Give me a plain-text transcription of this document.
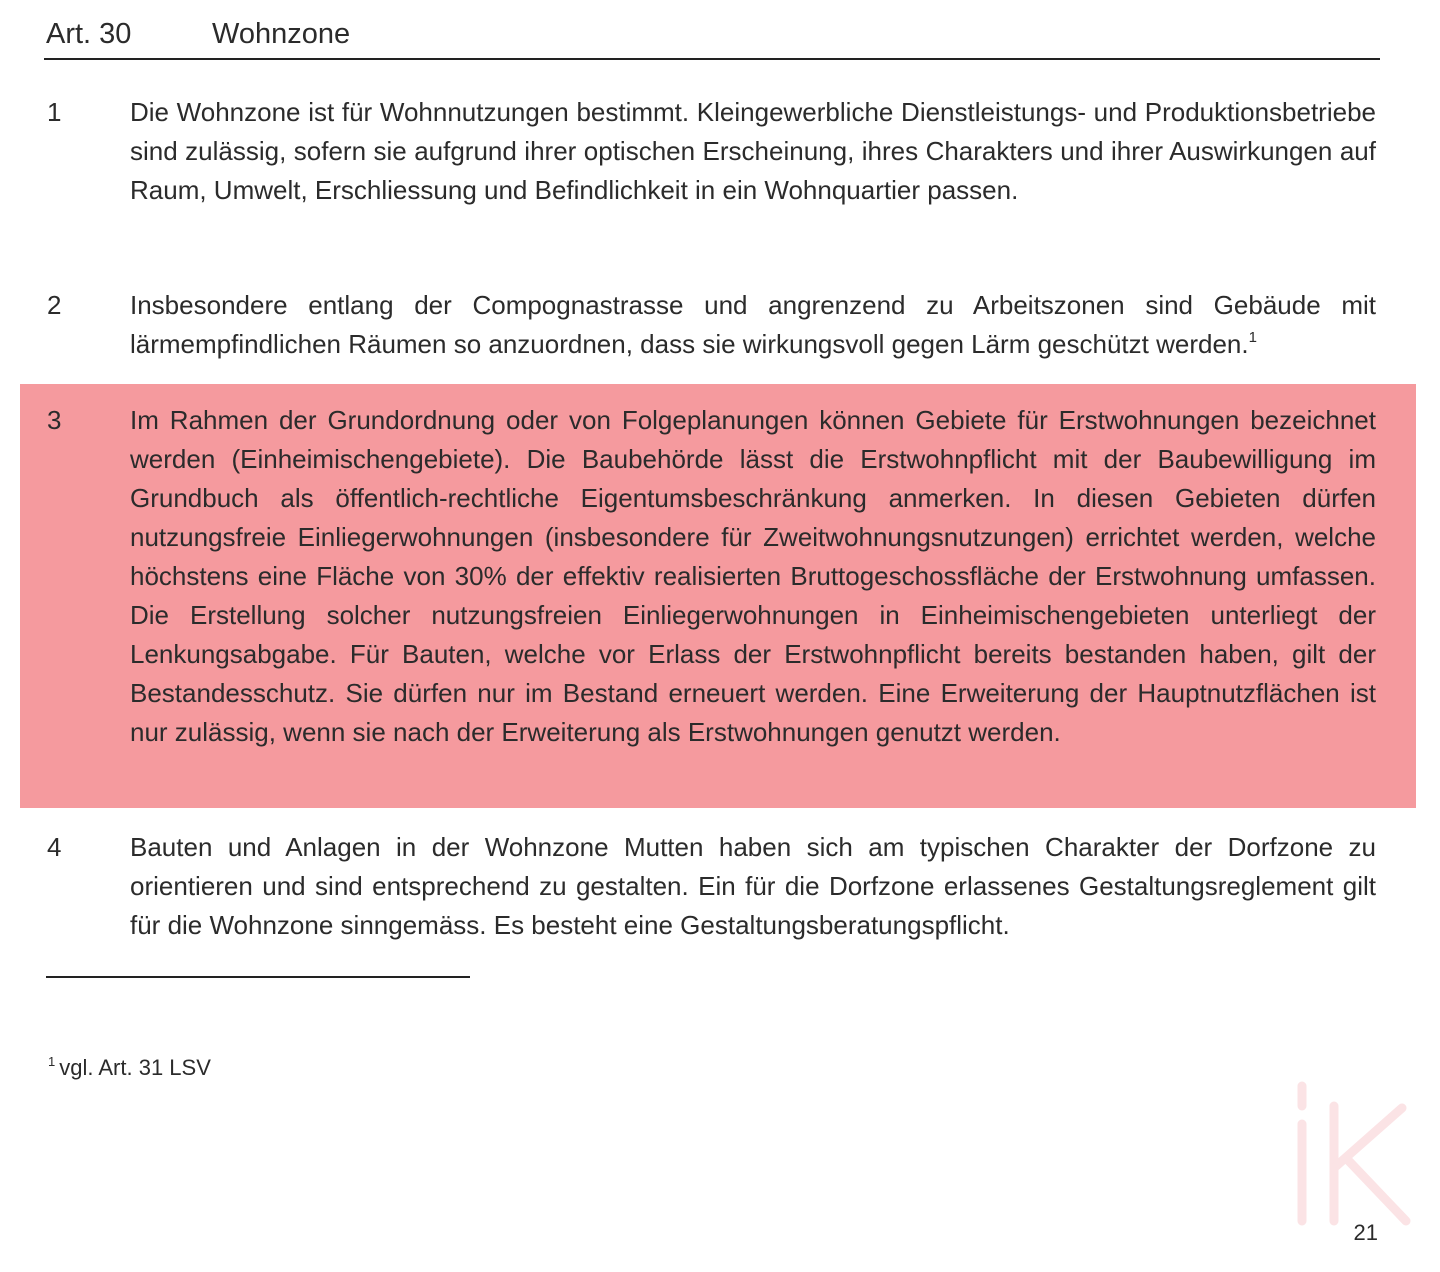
Art. 30	Wohnzone
1	Die Wohnzone ist für Wohnnutzungen bestimmt. Kleingewerbliche Dienstleistungs- und Produktionsbetriebe sind zulässig, sofern sie aufgrund ihrer optischen Erscheinung, ihres Charakters und ihrer Auswirkungen auf Raum, Umwelt, Erschliessung und Befindlichkeit in ein Wohnquartier passen.
2	Insbesondere entlang der Compognastrasse und angrenzend zu Arbeitszonen sind Gebäude mit lärmempfindlichen Räumen so anzuordnen, dass sie wirkungsvoll gegen Lärm geschützt werden.$^1$
3	Im Rahmen der Grundordnung oder von Folgeplanungen können Gebiete für Erstwohnungen bezeichnet werden (Einheimischengebiete). Die Baubehörde lässt die Erstwohnpflicht mit der Baubewilligung im Grundbuch als öffentlich-rechtliche Eigentumsbeschränkung anmerken. In diesen Gebieten dürfen nutzungsfreie Einliegerwohnungen (insbesondere für Zweitwohnungsnutzungen) errichtet werden, welche höchstens eine Fläche von 30% der effektiv realisierten Bruttogeschossfläche der Erstwohnung umfassen. Die Erstellung solcher nutzungsfreien Einliegerwohnungen in Einheimischengebieten unterliegt der Lenkungsabgabe. Für Bauten, welche vor Erlass der Erstwohnpflicht bereits bestanden haben, gilt der Bestandesschutz. Sie dürfen nur im Bestand erneuert werden. Eine Erweiterung der Hauptnutzflächen ist nur zulässig, wenn sie nach der Erweiterung als Erstwohnungen genutzt werden.
4	Bauten und Anlagen in der Wohnzone Mutten haben sich am typischen Charakter der Dorfzone zu orientieren und sind entsprechend zu gestalten. Ein für die Dorfzone erlassenes Gestaltungsreglement gilt für die Wohnzone sinngemäss. Es besteht eine Gestaltungsberatungspflicht.
$^1$ vgl. Art. 31 LSV
21
